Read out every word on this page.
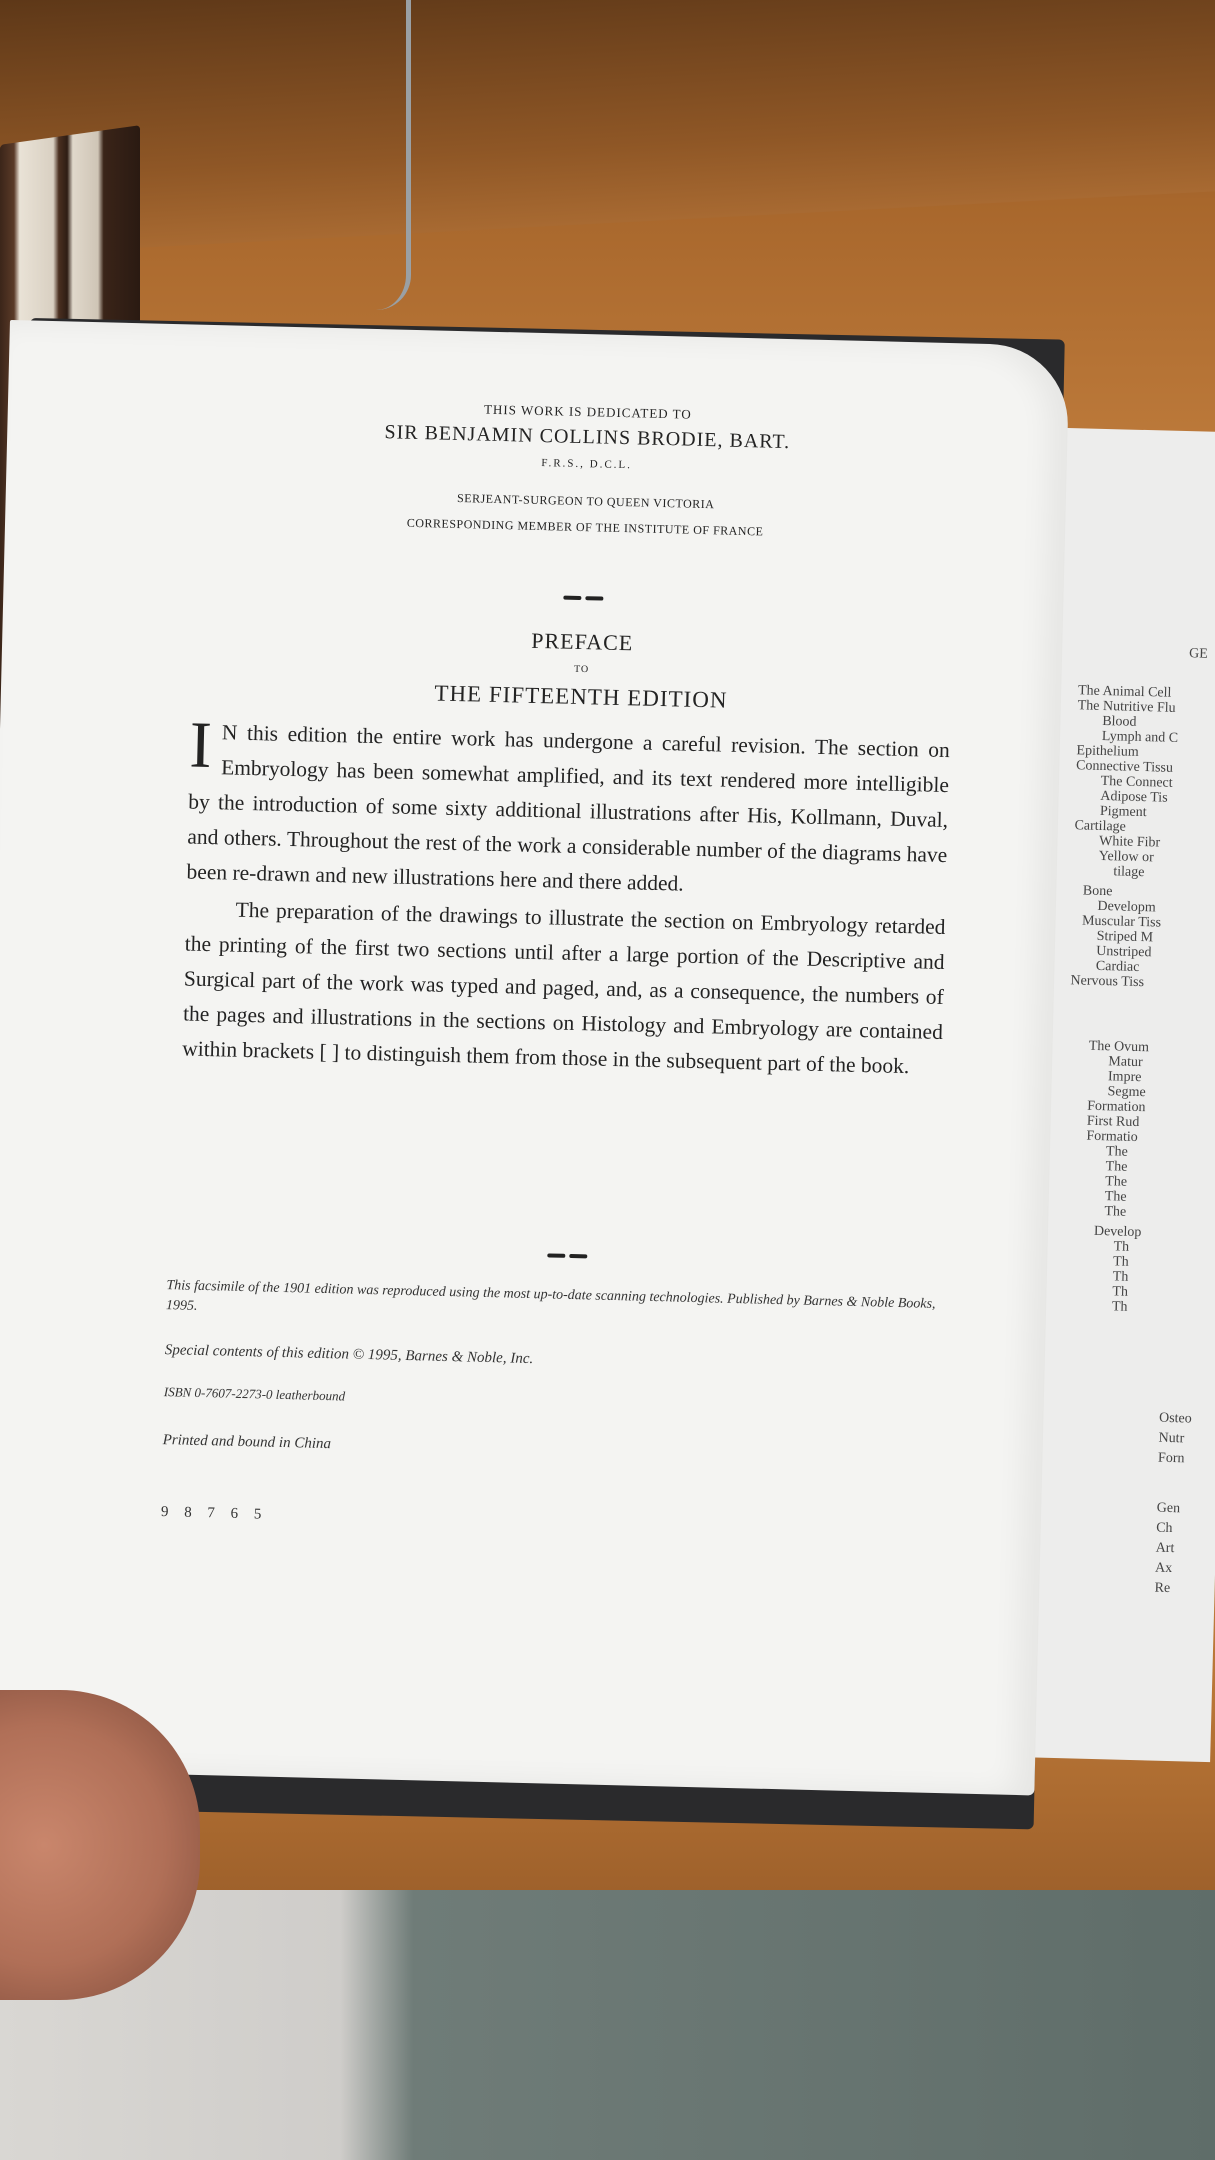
GE
The Animal Cell
The Nutritive Flu
Blood
Lymph and C
Epithelium
Connective Tissu
The Connect
Adipose Tis
Pigment
Cartilage
White Fibr
Yellow or
tilage
Bone
Developm
Muscular Tiss
Striped M
Unstriped
Cardiac
Nervous Tiss
The Ovum
Matur
Impre
Segme
Formation
First Rud
Formatio
The
The
The
The
The
Develop
Th
Th
Th
Th
Th
Osteo
Nutr
Forn
Gen
Ch
Art
Ax
Re
THIS WORK IS DEDICATED TO
SIR BENJAMIN COLLINS BRODIE, BART.
F.R.S., D.C.L.
SERJEANT-SURGEON TO QUEEN VICTORIA
CORRESPONDING MEMBER OF THE INSTITUTE OF FRANCE
PREFACE
TO
THE FIFTEENTH EDITION

I N this edition the entire work has undergone a careful revision. The section on Embryology has been somewhat amplified, and its text rendered more intelligible by the introduction of some sixty additional illustrations after His, Kollmann, Duval, and others. Throughout the rest of the work a considerable number of the diagrams have been re-drawn and new illustrations here and there added.

The preparation of the drawings to illustrate the section on Embryology retarded the printing of the first two sections until after a large portion of the Descriptive and Surgical part of the work was typed and paged, and, as a consequence, the numbers of the pages and illustrations in the sections on Histology and Embryology are contained within brackets [ ] to distinguish them from those in the subsequent part of the book.

This facsimile of the 1901 edition was reproduced using the most up-to-date scanning technologies. Published by Barnes & Noble Books, 1995.
Special contents of this edition © 1995, Barnes & Noble, Inc.
ISBN 0-7607-2273-0 leatherbound
Printed and bound in China
9 8 7 6 5
